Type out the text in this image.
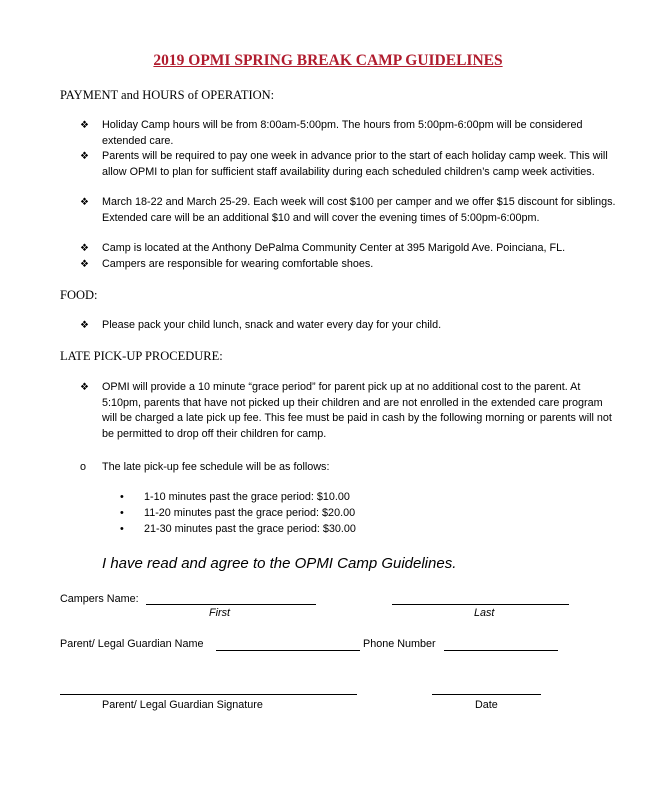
2019 OPMI SPRING BREAK CAMP GUIDELINES
PAYMENT and HOURS of OPERATION:
❖	Holiday Camp hours will be from 8:00am-5:00pm. The hours from 5:00pm-6:00pm will be considered extended care.
❖	Parents will be required to pay one week in advance prior to the start of each holiday camp week. This will allow OPMI to plan for sufficient staff availability during each scheduled children’s camp week activities.
❖	March 18-22 and March 25-29. Each week will cost $100 per camper and we offer $15 discount for siblings. Extended care will be an additional $10 and will cover the evening times of 5:00pm-6:00pm.
❖	Camp is located at the Anthony DePalma Community Center at 395 Marigold Ave. Poinciana, FL.
❖	Campers are responsible for wearing comfortable shoes.
FOOD:
❖	Please pack your child lunch, snack and water every day for your child.
LATE PICK-UP PROCEDURE:
❖	OPMI will provide a 10 minute “grace period” for parent pick up at no additional cost to the parent. At 5:10pm, parents that have not picked up their children and are not enrolled in the extended care program will be charged a late pick up fee. This fee must be paid in cash by the following morning or parents will not be permitted to drop off their children for camp.
o	The late pick-up fee schedule will be as follows:
•	1-10 minutes past the grace period: $10.00
•	11-20 minutes past the grace period: $20.00
•	21-30 minutes past the grace period: $30.00
I have read and agree to the OPMI Camp Guidelines.
Campers Name:
First	Last
Parent/ Legal Guardian Name	Phone Number
Parent/ Legal Guardian Signature	Date
